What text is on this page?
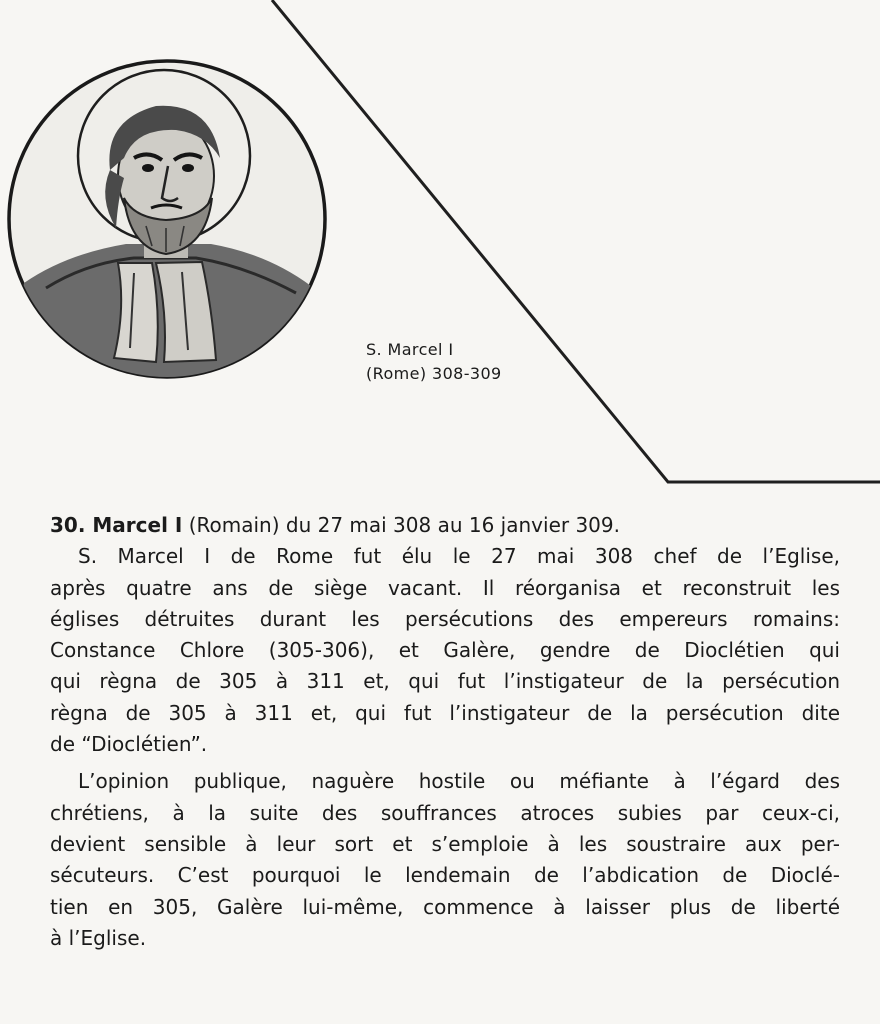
S. Marcel I
(Rome) 308-309
30. Marcel I (Romain) du 27 mai 308 au 16 janvier 309.
S. Marcel I de Rome fut élu le 27 mai 308 chef de l’Eglise,
après quatre ans de siège vacant. Il réorganisa et reconstruit les
églises détruites durant les persécutions des empereurs romains:
Constance Chlore (305-306), et Galère, gendre de Dioclétien qui
qui règna de 305 à 311 et, qui fut l’instigateur de la persécution
règna de 305 à 311 et, qui fut l’instigateur de la persécution dite
de “Dioclétien”.
L’opinion publique, naguère hostile ou méfiante à l’égard des
chrétiens, à la suite des souffrances atroces subies par ceux-ci,
devient sensible à leur sort et s’emploie à les soustraire aux per-
sécuteurs. C’est pourquoi le lendemain de l’abdication de Dioclé-
tien en 305, Galère lui-même, commence à laisser plus de liberté
à l’Eglise.
